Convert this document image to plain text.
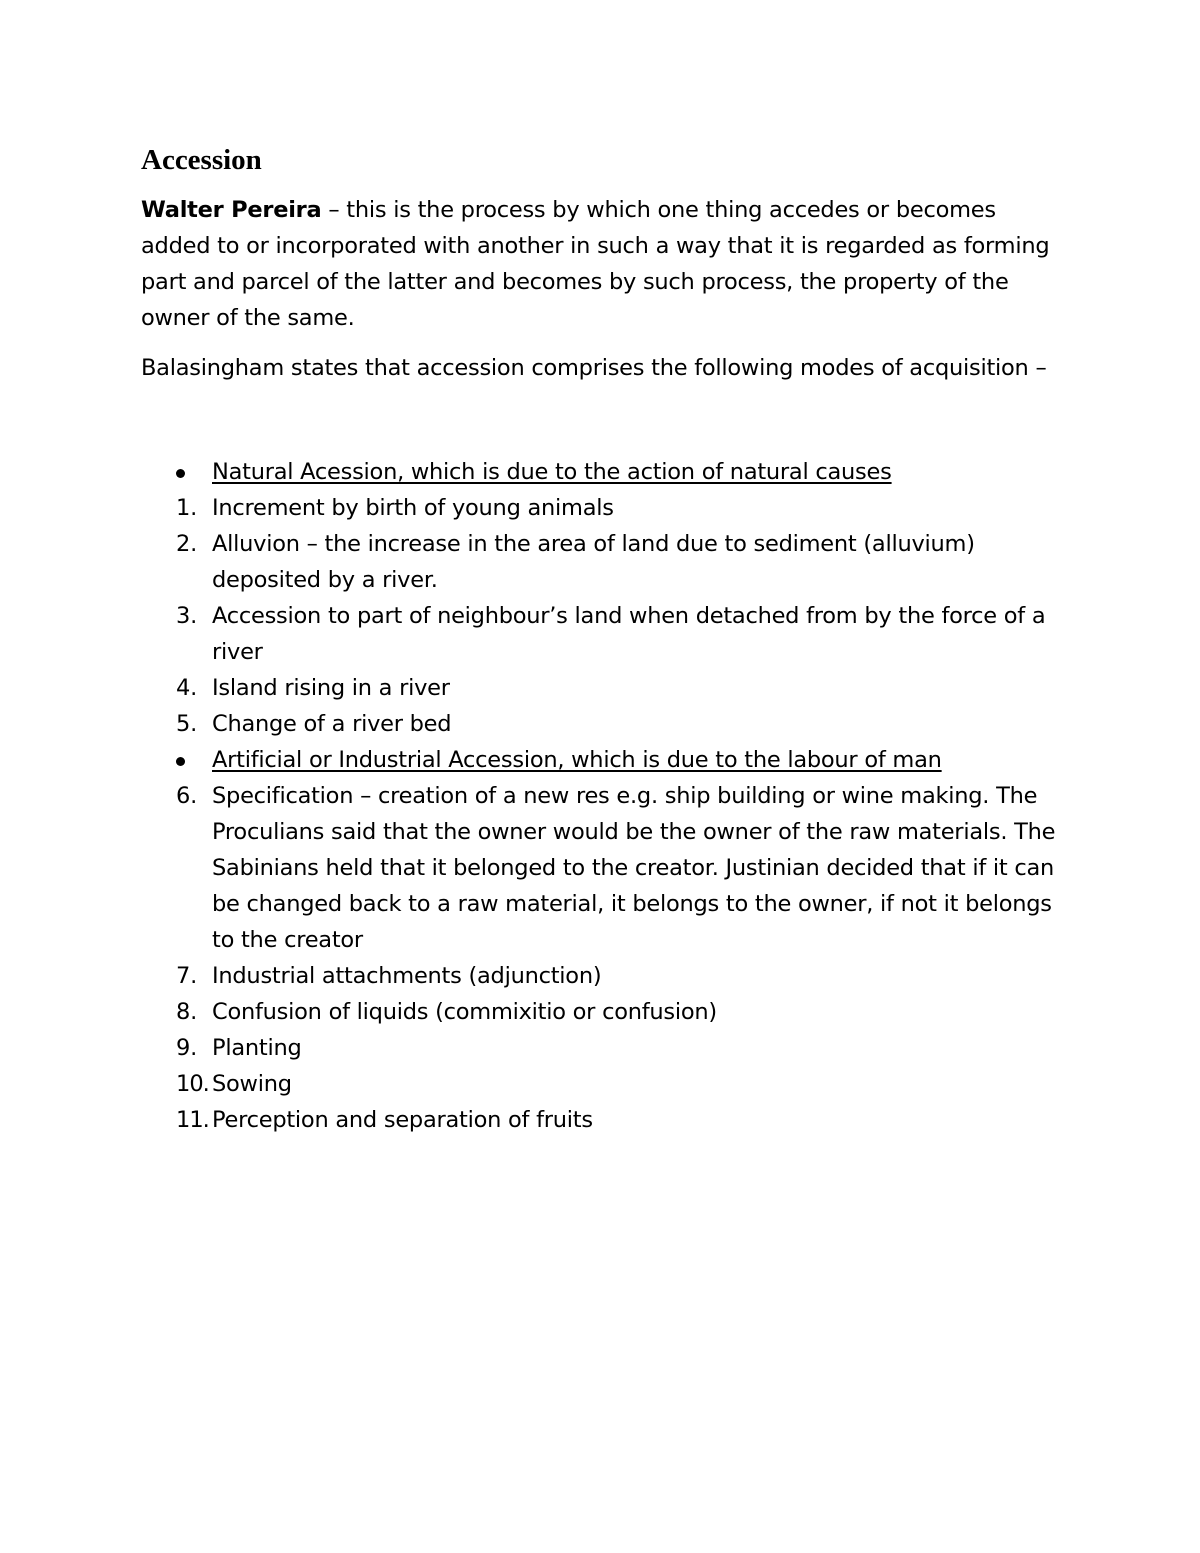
Accession

Walter Pereira – this is the process by which one thing accedes or becomes added to or incorporated with another in such a way that it is regarded as forming part and parcel of the latter and becomes by such process, the property of the owner of the same.

Balasingham states that accession comprises the following modes of acquisition –

Natural Acession, which is due to the action of natural causes
1. Increment by birth of young animals
2. Alluvion – the increase in the area of land due to sediment (alluvium) deposited by a river.
3. Accession to part of neighbour’s land when detached from by the force of a river
4. Island rising in a river
5. Change of a river bed
Artificial or Industrial Accession, which is due to the labour of man
6. Specification – creation of a new res e.g. ship building or wine making. The Proculians said that the owner would be the owner of the raw materials. The Sabinians held that it belonged to the creator. Justinian decided that if it can be changed back to a raw material, it belongs to the owner, if not it belongs to the creator
7. Industrial attachments (adjunction)
8. Confusion of liquids (commixitio or confusion)
9. Planting
10. Sowing
11. Perception and separation of fruits
